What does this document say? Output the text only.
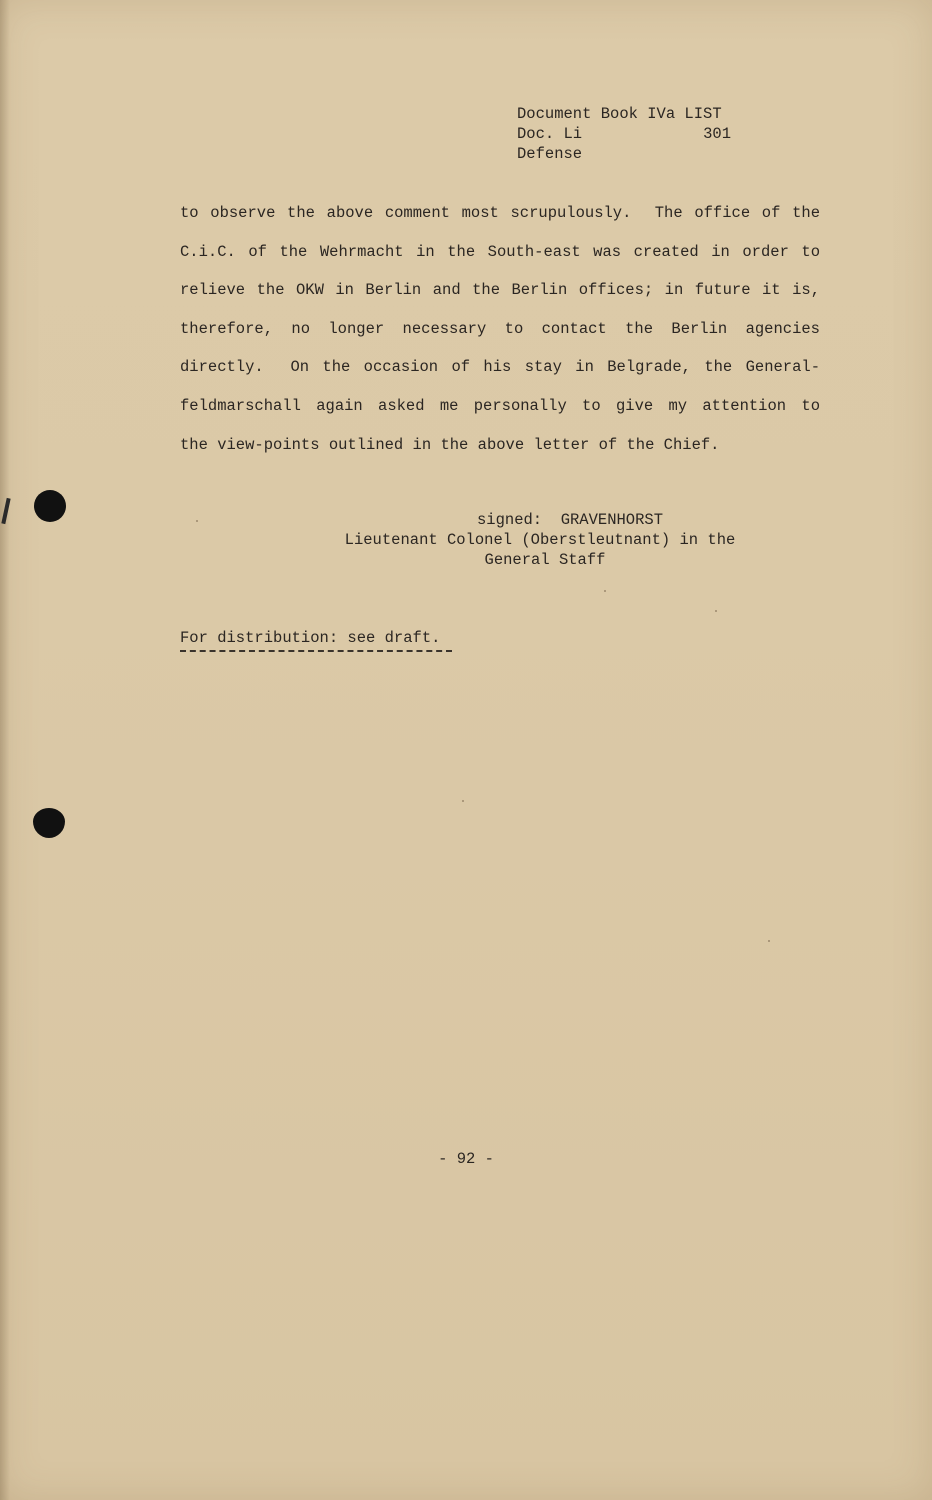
Document Book IVa LIST
Doc. Li	301
Defense
to observe the above comment most scrupulously.  The office of the
C.i.C. of the Wehrmacht in the South-east was created in order to
relieve the OKW in Berlin and the Berlin offices; in future it is,
therefore, no longer necessary to contact the Berlin agencies
directly.  On the occasion of his stay in Belgrade, the General-
feldmarschall again asked me personally to give my attention to
the view-points outlined in the above letter of the Chief.
signed:  GRAVENHORST
Lieutenant Colonel (Oberstleutnant) in the
General Staff
For distribution: see draft.
- 92 -
